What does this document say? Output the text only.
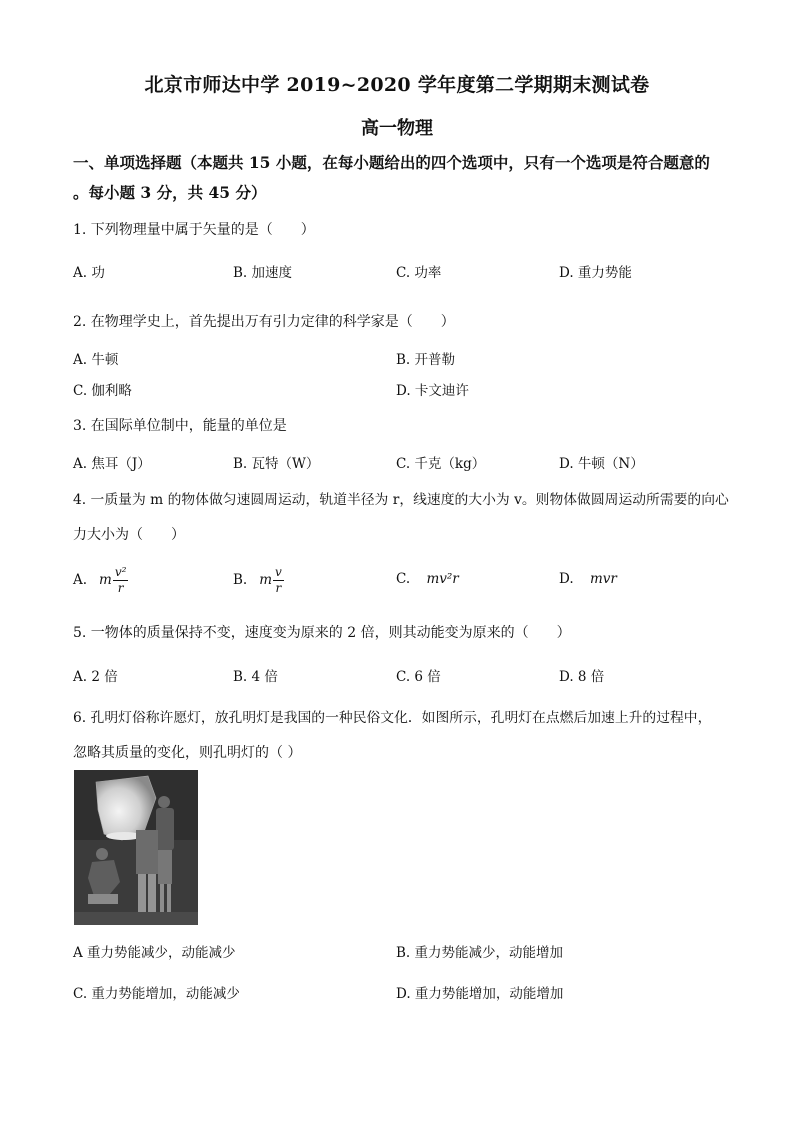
北京市师达中学 2019~2020 学年度第二学期期末测试卷
高一物理
一、单项选择题（本题共 15 小题，在每小题给出的四个选项中，只有一个选项是符合题意的
。每小题 3 分，共 45 分）
1. 下列物理量中属于矢量的是（　　）
A. 功	B. 加速度	C. 功率	D. 重力势能
2. 在物理学史上，首先提出万有引力定律的科学家是（　　）
A. 牛顿	B. 开普勒
C. 伽利略	D. 卡文迪许
3. 在国际单位制中，能量的单位是
A. 焦耳（J）	B. 瓦特（W）	C. 千克（kg）	D. 牛顿（N）
4. 一质量为 m 的物体做匀速圆周运动，轨道半径为 r，线速度的大小为 v。则物体做圆周运动所需要的向心
力大小为（　　）
A. m $\frac{\text{v²}}{r}$	B. m $\frac{v}{r}$	C. mv²r	D. mvr
5. 一物体的质量保持不变，速度变为原来的 2 倍，则其动能变为原来的（　　）
A. 2 倍	B. 4 倍	C. 6 倍	D. 8 倍
6. 孔明灯俗称许愿灯，放孔明灯是我国的一种民俗文化．如图所示，孔明灯在点燃后加速上升的过程中，
忽略其质量的变化，则孔明灯的（ ）
A 重力势能减少，动能减少	B. 重力势能减少，动能增加
C. 重力势能增加，动能减少	D. 重力势能增加，动能增加
